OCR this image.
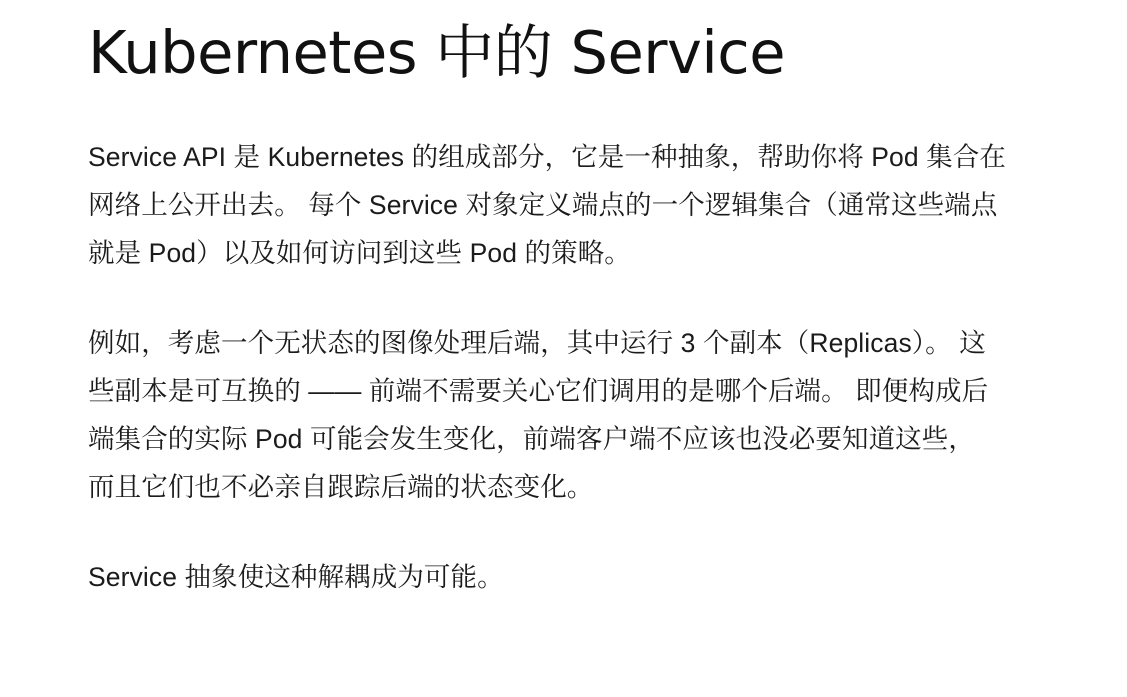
Kubernetes 中的 Service

Service API 是 Kubernetes 的组成部分，它是一种抽象，帮助你将 Pod 集合在网络上公开出去。 每个 Service 对象定义端点的一个逻辑集合（通常这些端点就是 Pod）以及如何访问到这些 Pod 的策略。

例如，考虑一个无状态的图像处理后端，其中运行 3 个副本（Replicas）。 这些副本是可互换的 —— 前端不需要关心它们调用的是哪个后端。 即便构成后端集合的实际 Pod 可能会发生变化，前端客户端不应该也没必要知道这些， 而且它们也不必亲自跟踪后端的状态变化。

Service 抽象使这种解耦成为可能。
